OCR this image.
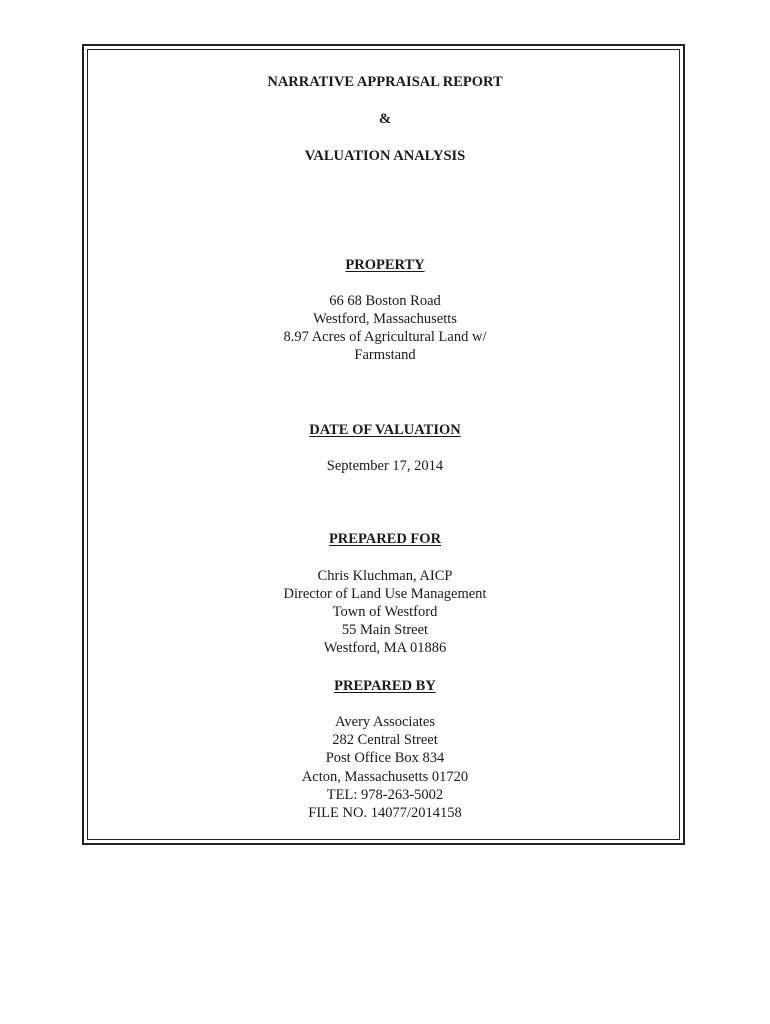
NARRATIVE APPRAISAL REPORT
&
VALUATION ANALYSIS
PROPERTY
66 68 Boston Road
Westford, Massachusetts
8.97 Acres of Agricultural Land w/
Farmstand
DATE OF VALUATION
September 17, 2014
PREPARED FOR
Chris Kluchman, AICP
Director of Land Use Management
Town of Westford
55 Main Street
Westford, MA 01886
PREPARED BY
Avery Associates
282 Central Street
Post Office Box 834
Acton, Massachusetts 01720
TEL: 978-263-5002
FILE NO. 14077/2014158
